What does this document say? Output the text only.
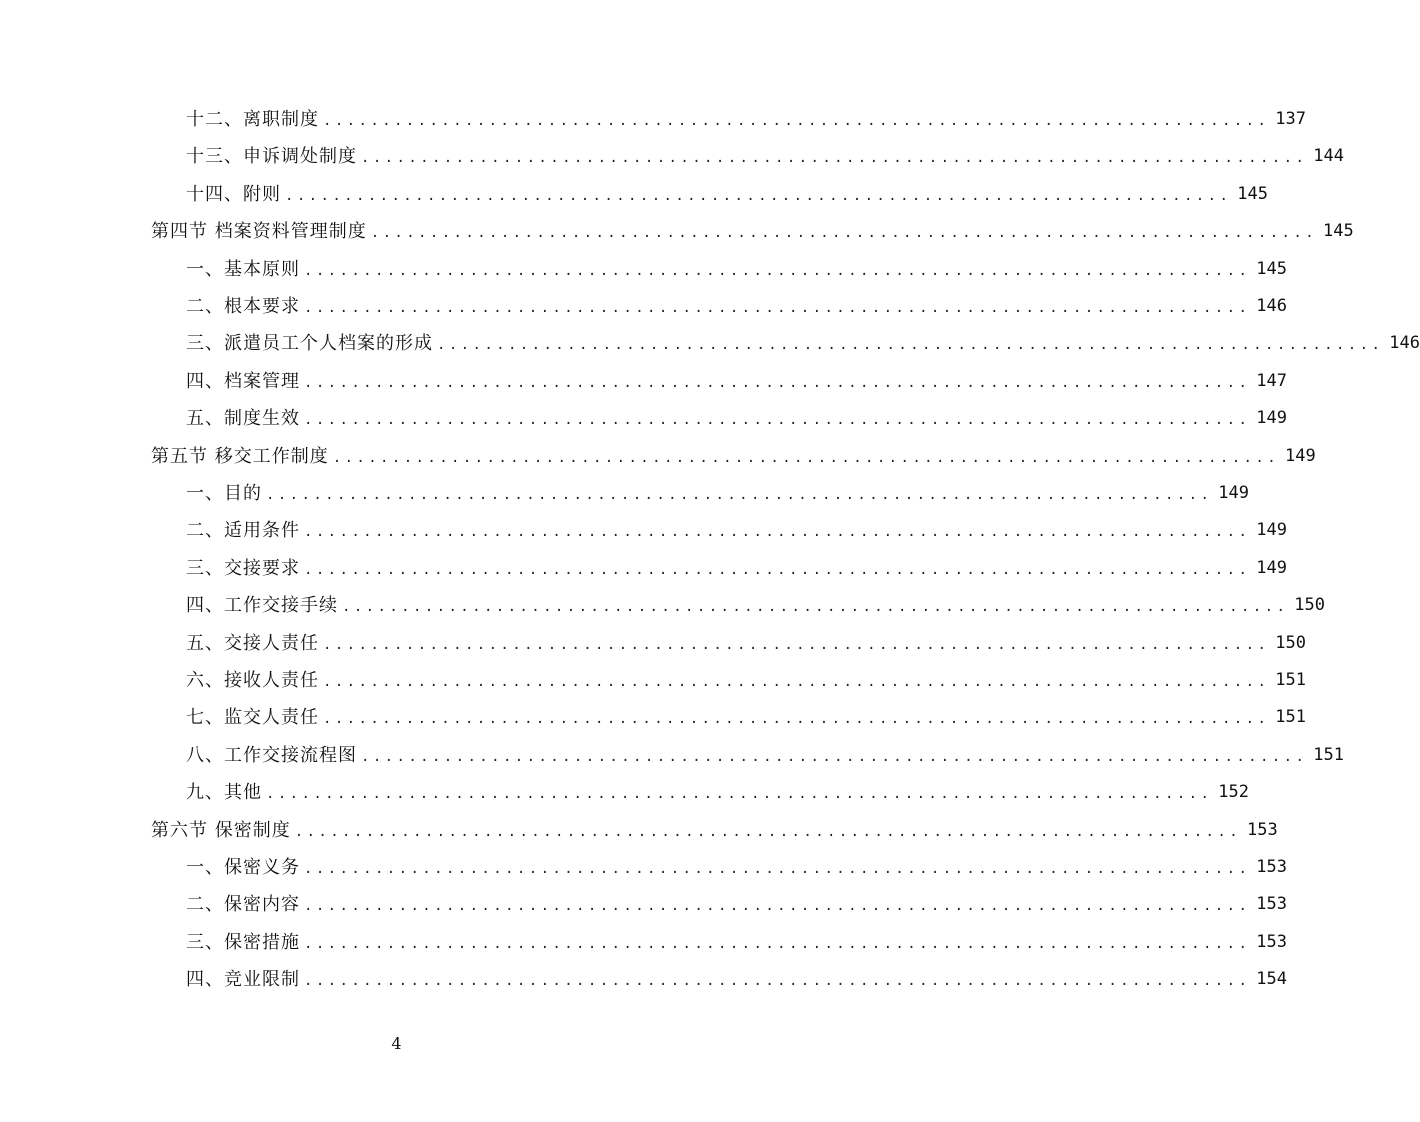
十二、离职制度 ................................................................................ 137
十三、申诉调处制度 ................................................................................ 144
十四、附则 ................................................................................ 145
第四节 档案资料管理制度 ................................................................................ 145
一、基本原则 ................................................................................ 145
二、根本要求 ................................................................................ 146
三、派遣员工个人档案的形成 ................................................................................ 146
四、档案管理 ................................................................................ 147
五、制度生效 ................................................................................ 149
第五节 移交工作制度 ................................................................................ 149
一、目的 ................................................................................ 149
二、适用条件 ................................................................................ 149
三、交接要求 ................................................................................ 149
四、工作交接手续 ................................................................................ 150
五、交接人责任 ................................................................................ 150
六、接收人责任 ................................................................................ 151
七、监交人责任 ................................................................................ 151
八、工作交接流程图 ................................................................................ 151
九、其他 ................................................................................ 152
第六节 保密制度 ................................................................................ 153
一、保密义务 ................................................................................ 153
二、保密内容 ................................................................................ 153
三、保密措施 ................................................................................ 153
四、竞业限制 ................................................................................ 154
4
